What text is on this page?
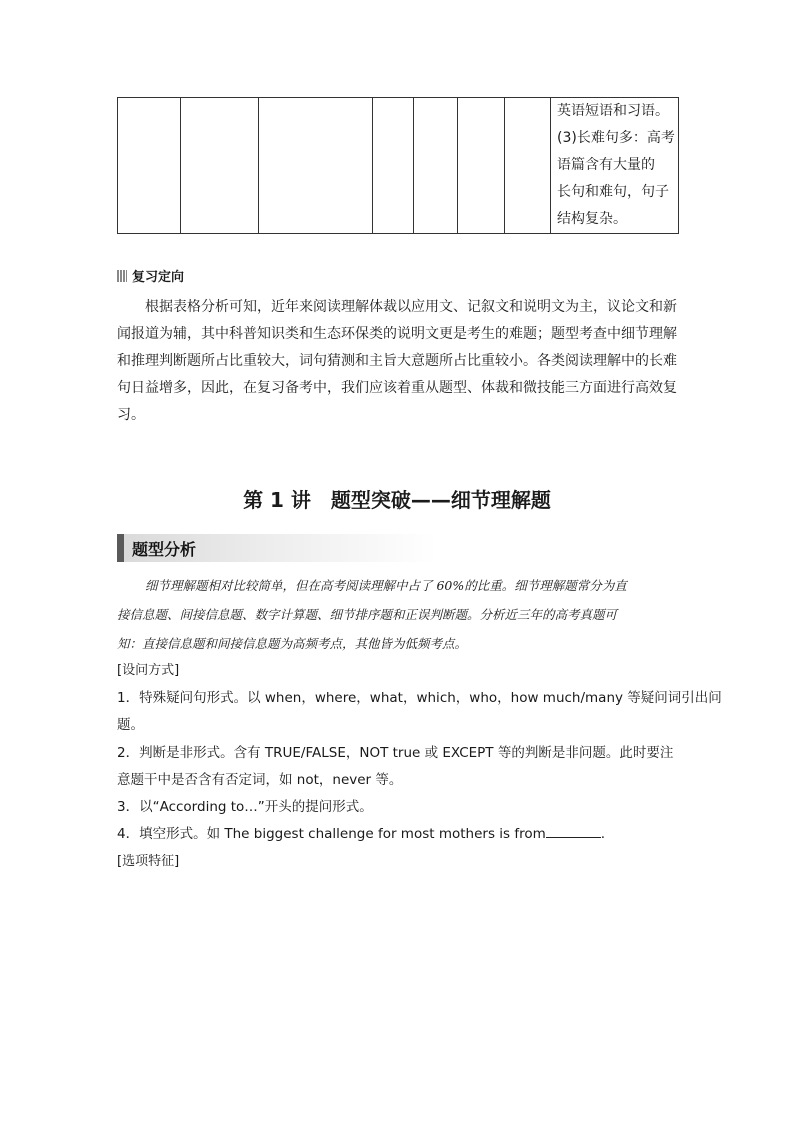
英语短语和习语。
(3)长难句多：高考
语篇含有大量的
长句和难句，句子
结构复杂。
复习定向
根据表格分析可知，近年来阅读理解体裁以应用文、记叙文和说明文为主，议论文和新
闻报道为辅，其中科普知识类和生态环保类的说明文更是考生的难题；题型考查中细节理解
和推理判断题所占比重较大，词句猜测和主旨大意题所占比重较小。各类阅读理解中的长难
句日益增多，因此，在复习备考中，我们应该着重从题型、体裁和微技能三方面进行高效复
习。
第 1 讲　题型突破——细节理解题
题型分析
细节理解题相对比较简单，但在高考阅读理解中占了 60%的比重。细节理解题常分为直
接信息题、间接信息题、数字计算题、细节排序题和正误判断题。分析近三年的高考真题可
知：直接信息题和间接信息题为高频考点，其他皆为低频考点。
[设问方式]
1．特殊疑问句形式。以 when，where，what，which，who，how much/many 等疑问词引出问
题。
2．判断是非形式。含有 TRUE/FALSE，NOT true 或 EXCEPT 等的判断是非问题。此时要注
意题干中是否含有否定词，如 not，never 等。
3．以“According to…”开头的提问形式。
4．填空形式。如 The biggest challenge for most mothers is from	.
[选项特征]
